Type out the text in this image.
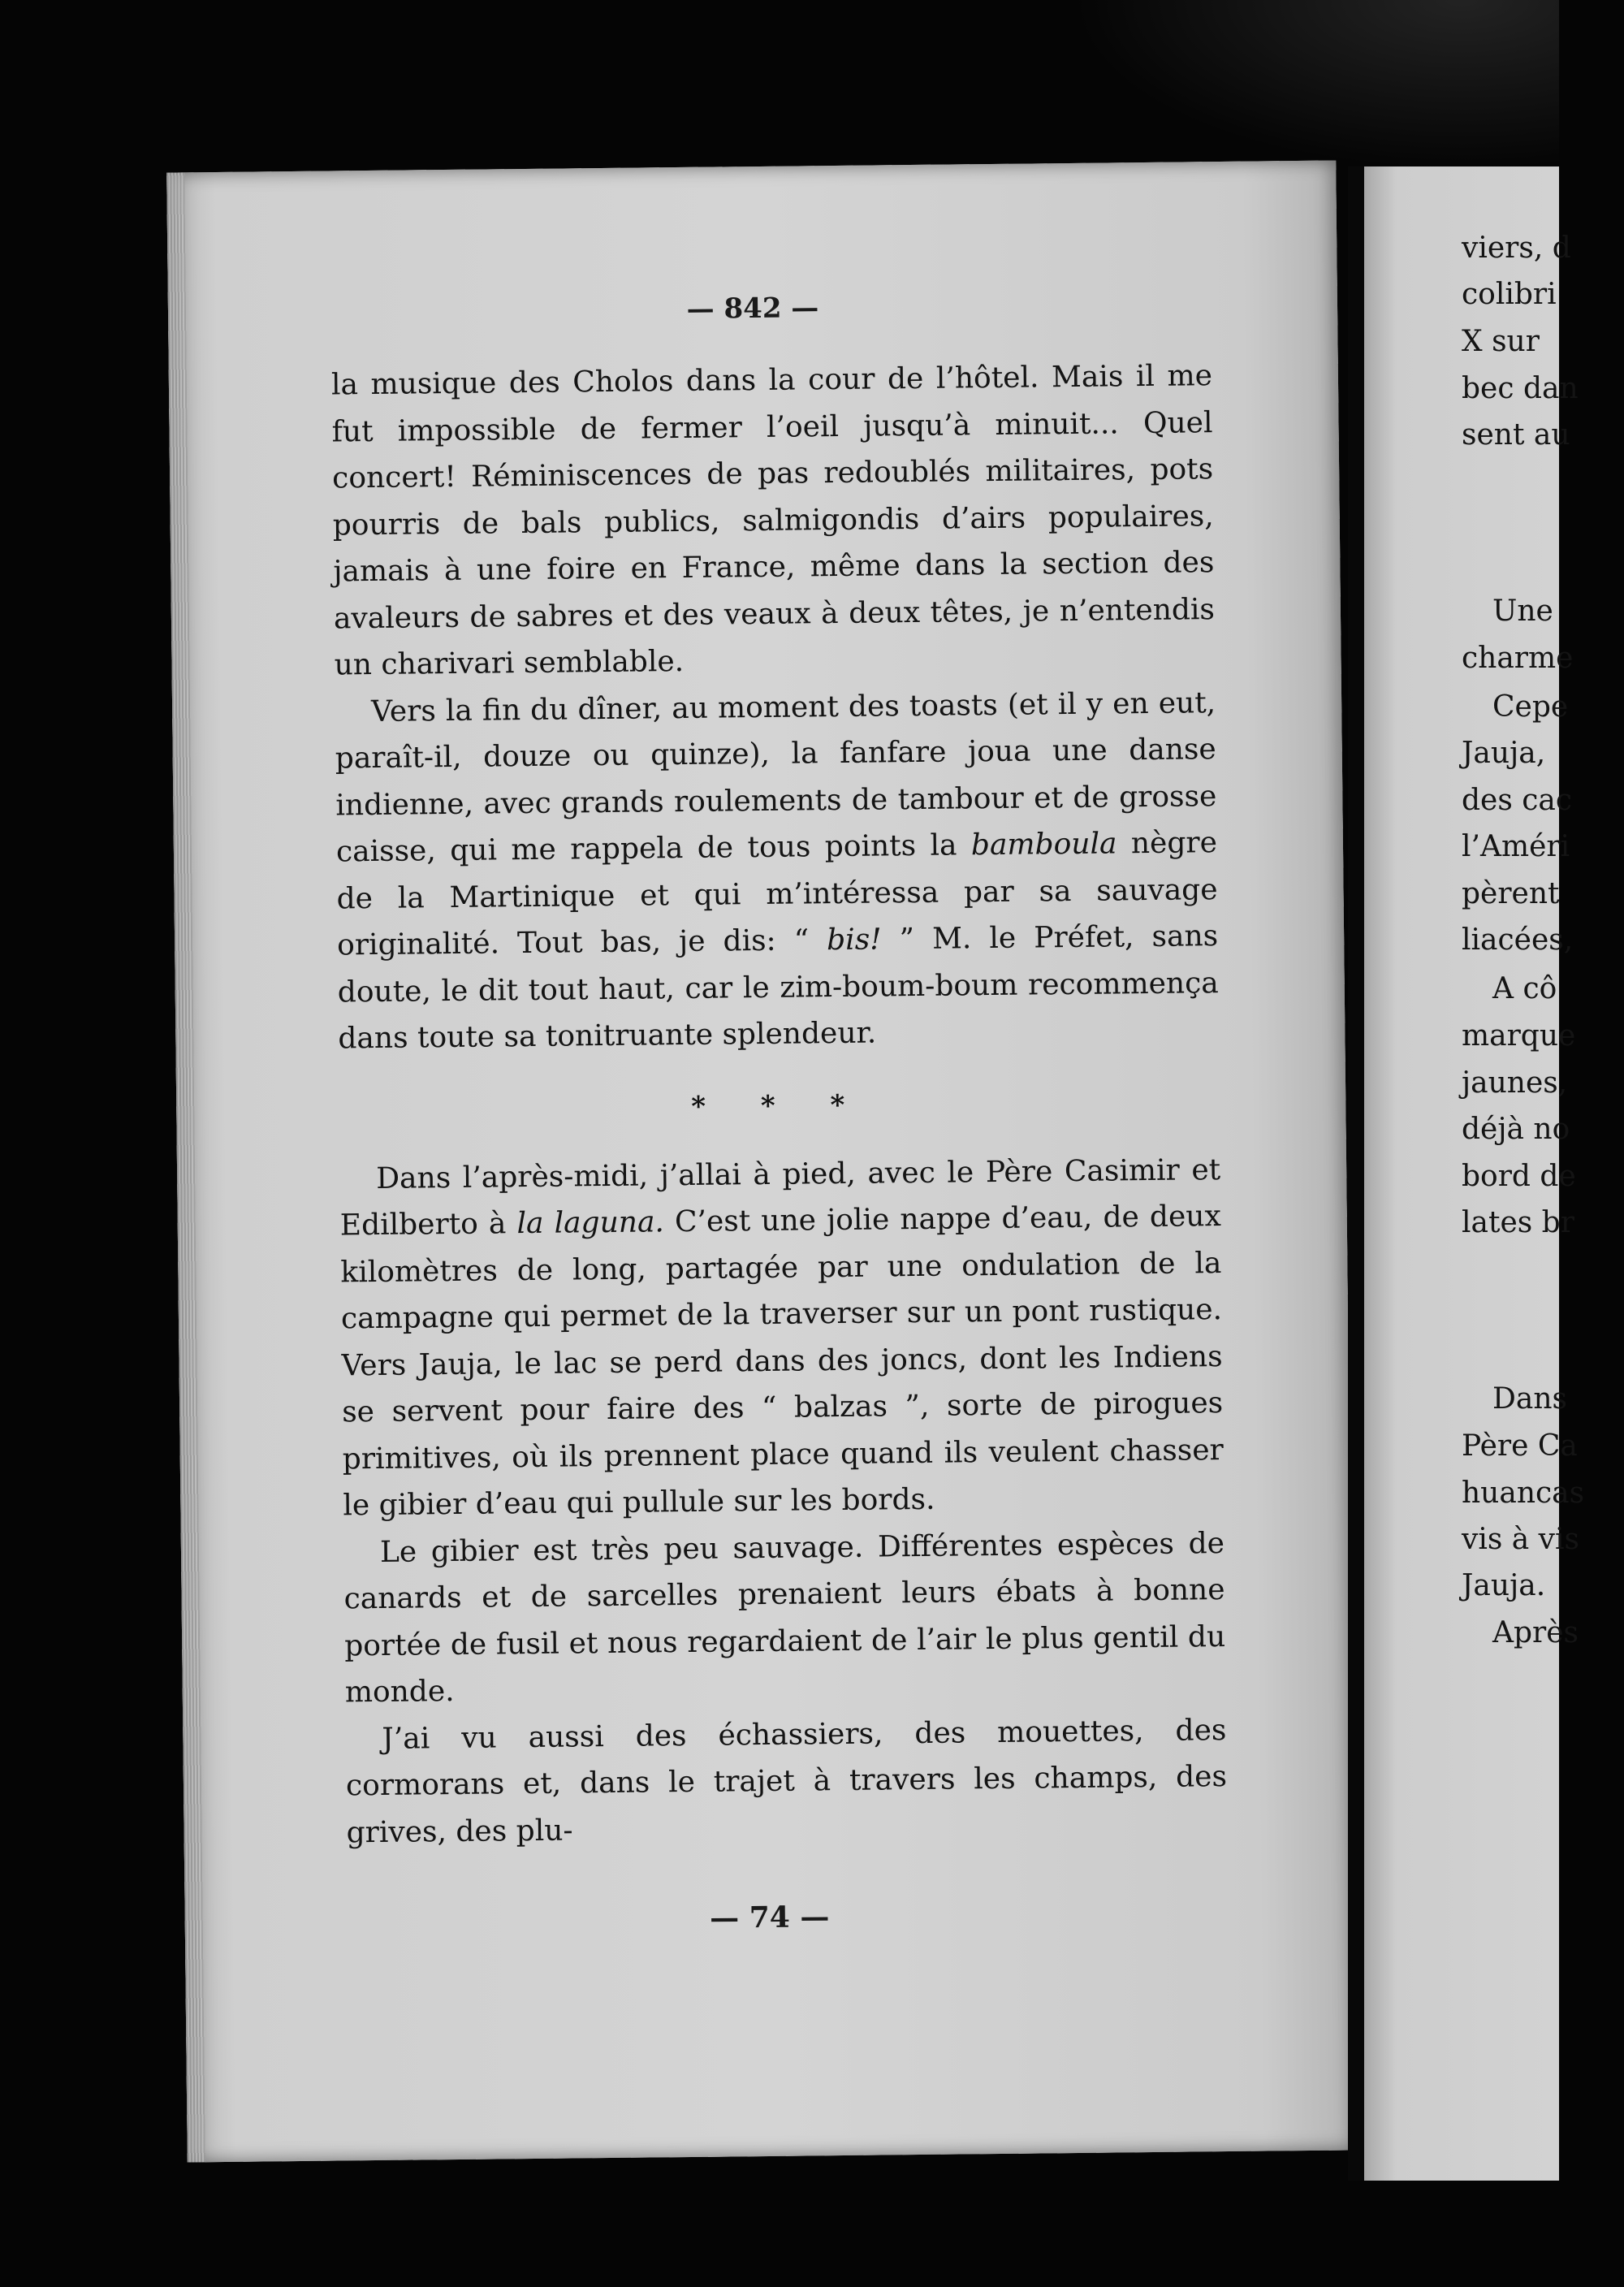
— 842 —

la musique des Cholos dans la cour de l’hôtel. Mais il me fut impossible de fermer l’oeil jusqu’à minuit... Quel concert! Réminiscences de pas redoublés militaires, pots pourris de bals publics, salmigondis d’airs populaires, jamais à une foire en France, même dans la section des avaleurs de sabres et des veaux à deux têtes, je n’entendis un charivari semblable.

Vers la fin du dîner, au moment des toasts (et il y en eut, paraît-il, douze ou quinze), la fanfare joua une danse indienne, avec grands roulements de tambour et de grosse caisse, qui me rappela de tous points la bamboula nègre de la Martinique et qui m’intéressa par sa sauvage originalité. Tout bas, je dis: “ bis! ” M. le Préfet, sans doute, le dit tout haut, car le zim-boum-boum recommença dans toute sa tonitruante splendeur.

* * *

Dans l’après-midi, j’allai à pied, avec le Père Casimir et Edilberto à la laguna. C’est une jolie nappe d’eau, de deux kilomètres de long, partagée par une ondulation de la campagne qui permet de la traverser sur un pont rustique. Vers Jauja, le lac se perd dans des joncs, dont les Indiens se servent pour faire des “ balzas ”, sorte de pirogues primitives, où ils prennent place quand ils veulent chasser le gibier d’eau qui pullule sur les bords.

Le gibier est très peu sauvage. Différentes espèces de canards et de sarcelles prenaient leurs ébats à bonne portée de fusil et nous regardaient de l’air le plus gentil du monde.

J’ai vu aussi des échassiers, des mouettes, des cormorans et, dans le trajet à travers les champs, des grives, des plu-

— 74 —
viers, d
colibri
X sur
bec dan
sent au
Une
charme
Cepe
Jauja,
des cac
l’Améri
pèrent
liacées,
A cô
marque
jaunes,
déjà no
bord de
lates br
Dans
Père Ca
huancas
vis à vis
Jauja.
Après
